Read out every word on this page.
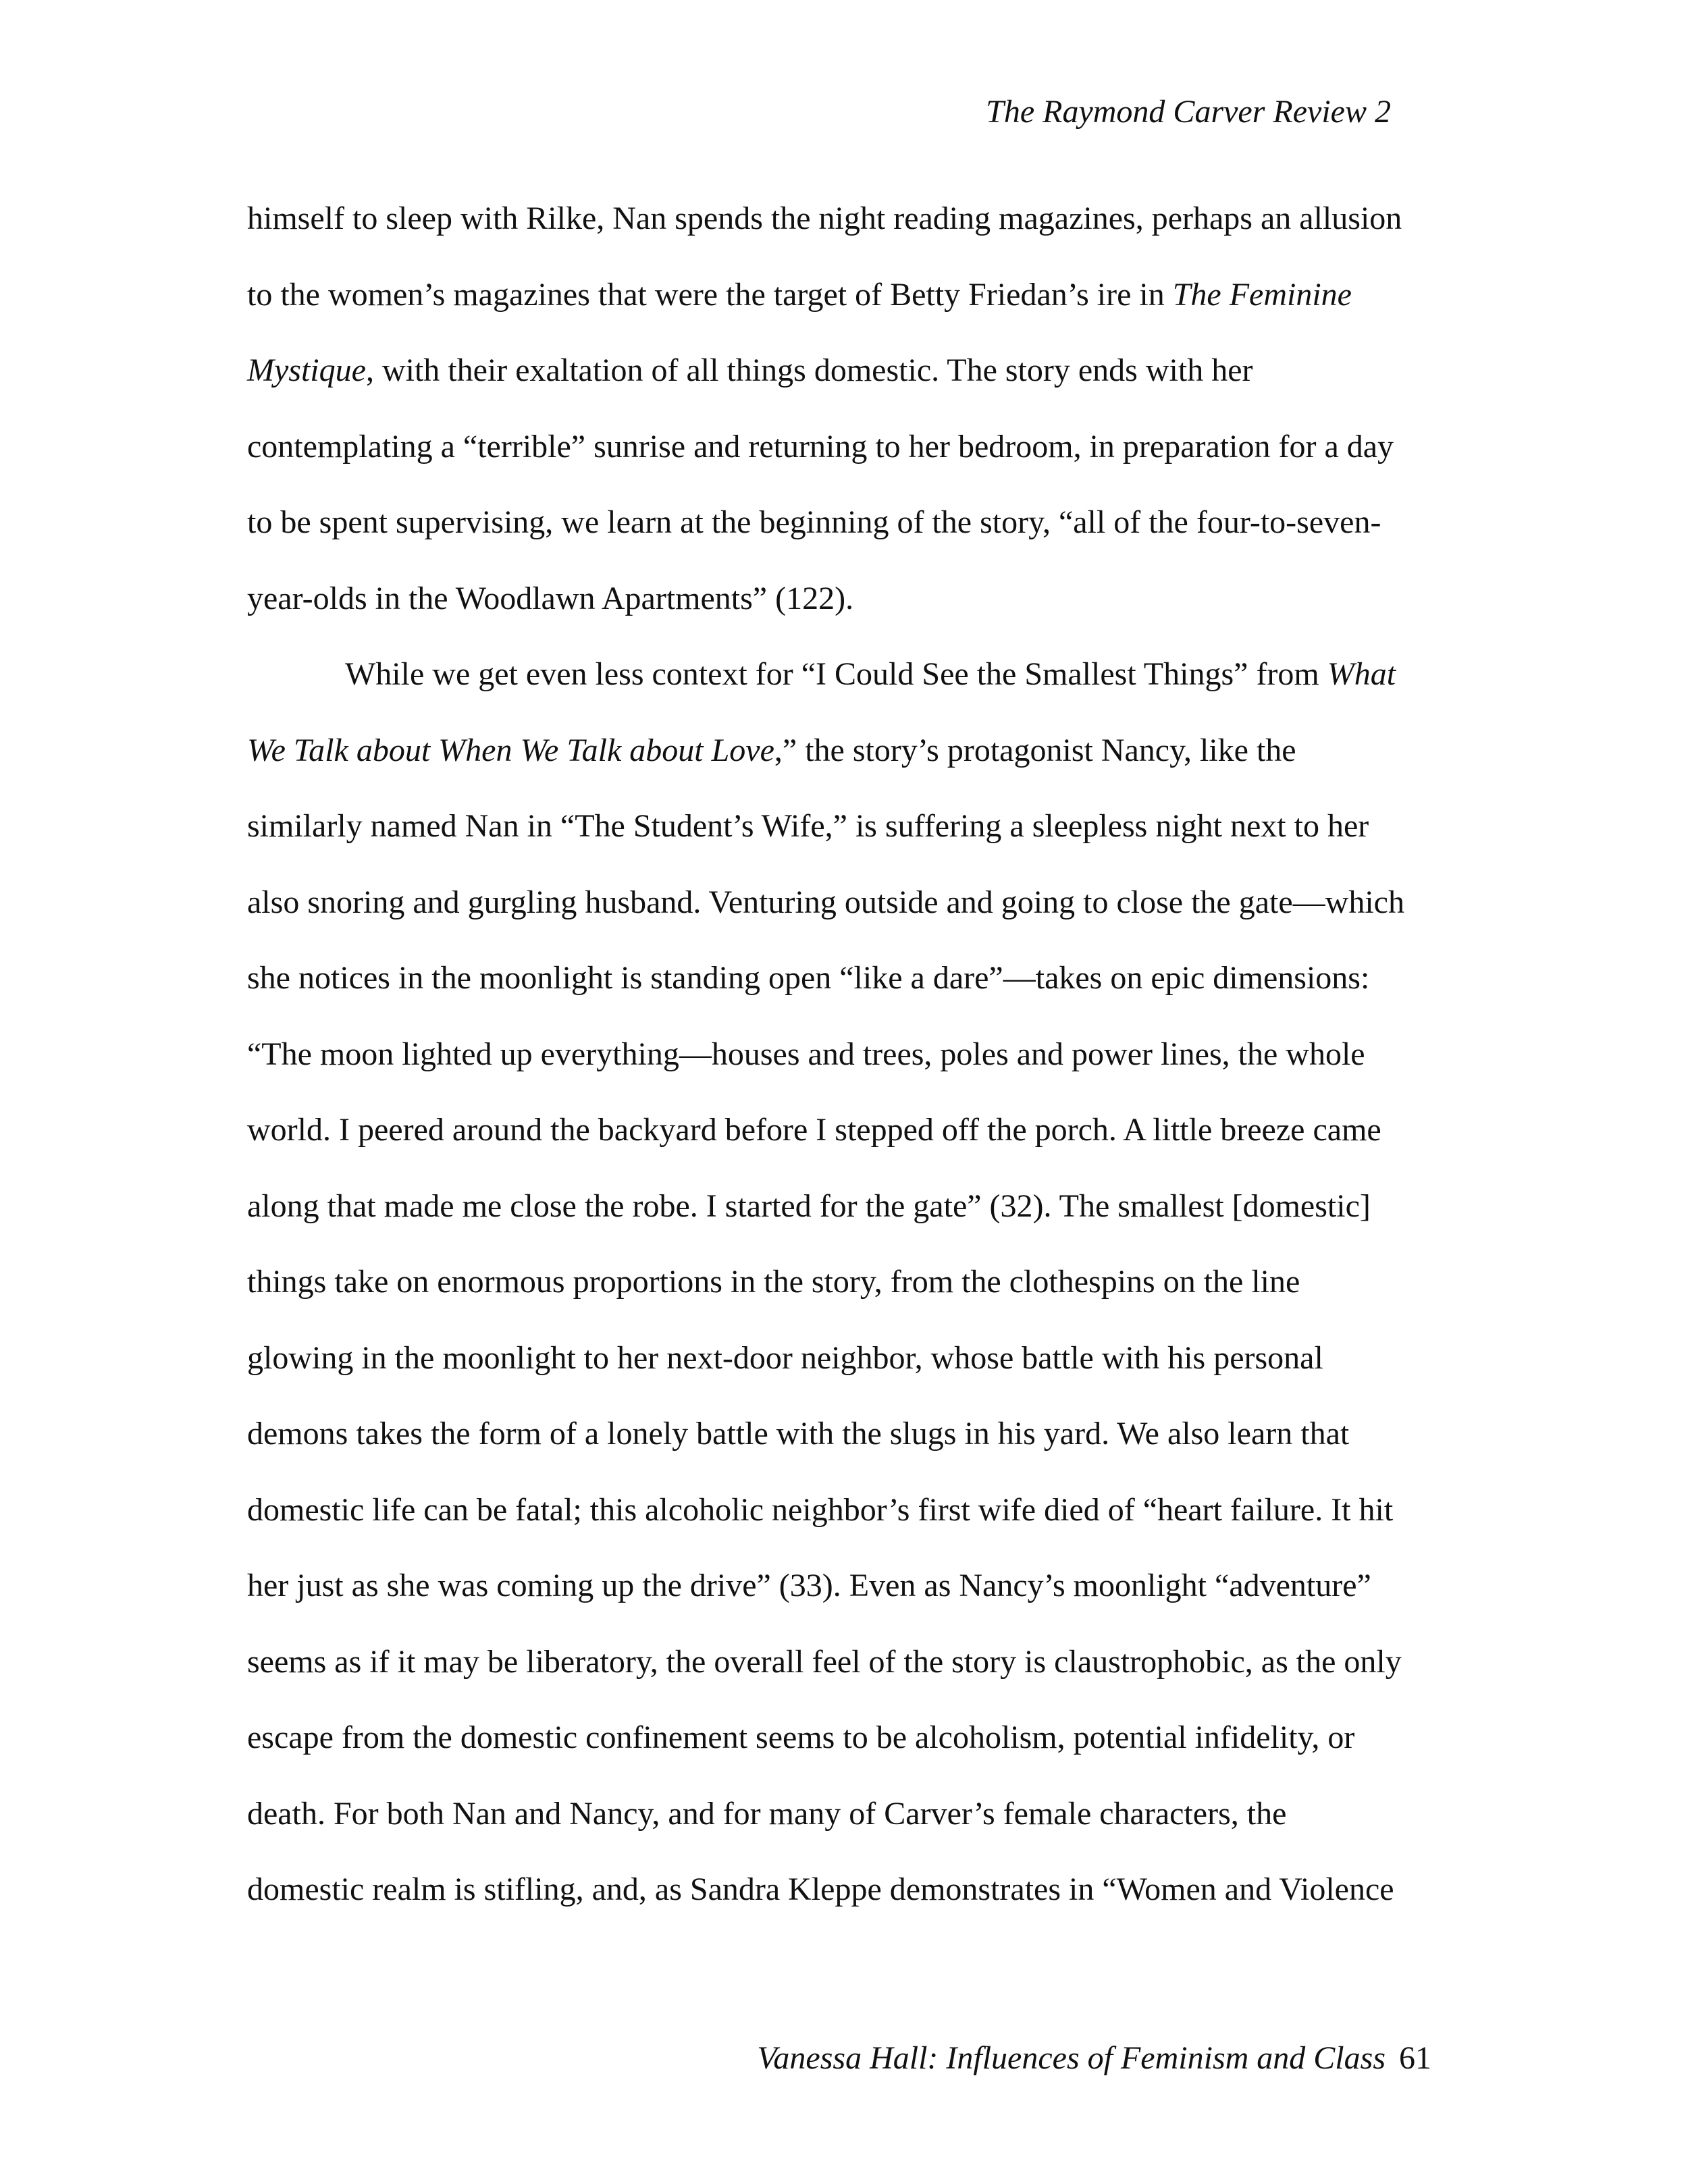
The Raymond Carver Review 2
himself to sleep with Rilke, Nan spends the night reading magazines, perhaps an allusion
to the women’s magazines that were the target of Betty Friedan’s ire in The Feminine
Mystique, with their exaltation of all things domestic. The story ends with her
contemplating a “terrible” sunrise and returning to her bedroom, in preparation for a day
to be spent supervising, we learn at the beginning of the story, “all of the four-to-seven-
year-olds in the Woodlawn Apartments” (122).
While we get even less context for “I Could See the Smallest Things” from What
We Talk about When We Talk about Love,” the story’s protagonist Nancy, like the
similarly named Nan in “The Student’s Wife,” is suffering a sleepless night next to her
also snoring and gurgling husband. Venturing outside and going to close the gate—which
she notices in the moonlight is standing open “like a dare”—takes on epic dimensions:
“The moon lighted up everything—houses and trees, poles and power lines, the whole
world. I peered around the backyard before I stepped off the porch. A little breeze came
along that made me close the robe. I started for the gate” (32). The smallest [domestic]
things take on enormous proportions in the story, from the clothespins on the line
glowing in the moonlight to her next-door neighbor, whose battle with his personal
demons takes the form of a lonely battle with the slugs in his yard. We also learn that
domestic life can be fatal; this alcoholic neighbor’s first wife died of “heart failure. It hit
her just as she was coming up the drive” (33). Even as Nancy’s moonlight “adventure”
seems as if it may be liberatory, the overall feel of the story is claustrophobic, as the only
escape from the domestic confinement seems to be alcoholism, potential infidelity, or
death. For both Nan and Nancy, and for many of Carver’s female characters, the
domestic realm is stifling, and, as Sandra Kleppe demonstrates in “Women and Violence
Vanessa Hall: Influences of Feminism and Class 61
